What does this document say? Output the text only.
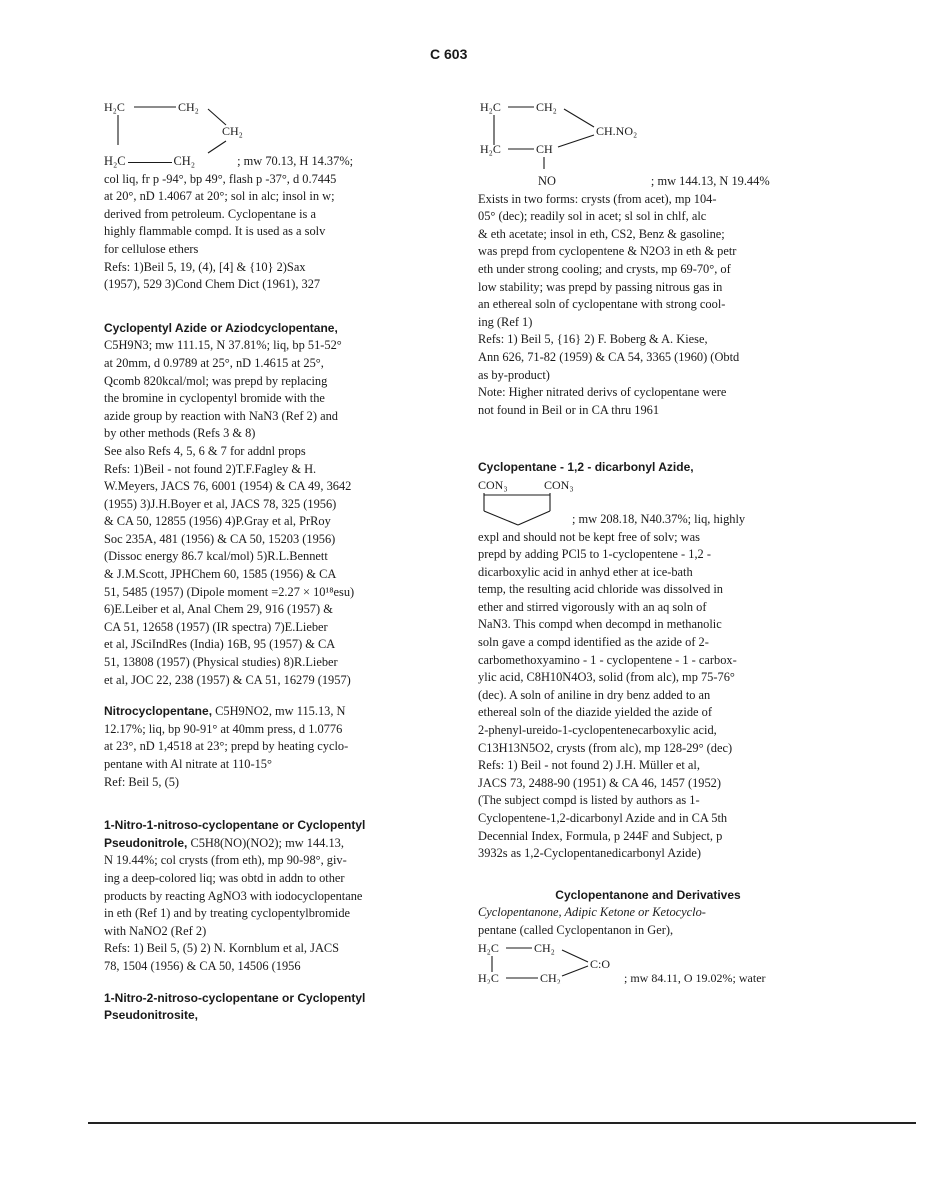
C 603
H₂C	CH₂
CH₂

H₂C	CH₂	; mw 70.13, H 14.37%;

col liq, fr p -94°, bp 49°, flash p -37°, d 0.7445

at 20°, nD 1.4067 at 20°; sol in alc; insol in w;

derived from petroleum. Cyclopentane is a

highly flammable compd. It is used as a solv

for cellulose ethers

Refs: 1)Beil 5, 19, (4), [4] & {10} 2)Sax

(1957), 529 3)Cond Chem Dict (1961), 327

Cyclopentyl Azide or Aziodcyclopentane,

C5H9N3; mw 111.15, N 37.81%; liq, bp 51-52°

at 20mm, d 0.9789 at 25°, nD 1.4615 at 25°,

Qcomb 820kcal/mol; was prepd by replacing

the bromine in cyclopentyl bromide with the

azide group by reaction with NaN3 (Ref 2) and

by other methods (Refs 3 & 8)

See also Refs 4, 5, 6 & 7 for addnl props

Refs: 1)Beil - not found 2)T.F.Fagley & H.

W.Meyers, JACS 76, 6001 (1954) & CA 49, 3642

(1955) 3)J.H.Boyer et al, JACS 78, 325 (1956)

& CA 50, 12855 (1956) 4)P.Gray et al, PrRoy

Soc 235A, 481 (1956) & CA 50, 15203 (1956)

(Dissoc energy 86.7 kcal/mol) 5)R.L.Bennett

& J.M.Scott, JPHChem 60, 1585 (1956) & CA

51, 5485 (1957) (Dipole moment =2.27 × 10¹⁸esu)

6)E.Leiber et al, Anal Chem 29, 916 (1957) &

CA 51, 12658 (1957) (IR spectra) 7)E.Lieber

et al, JSciIndRes (India) 16B, 95 (1957) & CA

51, 13808 (1957) (Physical studies) 8)R.Lieber

et al, JOC 22, 238 (1957) & CA 51, 16279 (1957)

Nitrocyclopentane, C5H9NO2, mw 115.13, N

12.17%; liq, bp 90-91° at 40mm press, d 1.0776

at 23°, nD 1,4518 at 23°; prepd by heating cyclo-

pentane with Al nitrate at 110-15°

Ref: Beil 5, (5)

1-Nitro-1-nitroso-cyclopentane or Cyclopentyl

Pseudonitrole, C5H8(NO)(NO2); mw 144.13,

N 19.44%; col crysts (from eth), mp 90-98°, giv-

ing a deep-colored liq; was obtd in addn to other

products by reacting AgNO3 with iodocyclopentane

in eth (Ref 1) and by treating cyclopentylbromide

with NaNO2 (Ref 2)

Refs: 1) Beil 5, (5) 2) N. Kornblum et al, JACS

78, 1504 (1956) & CA 50, 14506 (1956

1-Nitro-2-nitroso-cyclopentane or Cyclopentyl

Pseudonitrosite,

H₂C	CH₂
CH.NO₂
H₂C	CH

NO	; mw 144.13, N 19.44%

Exists in two forms: crysts (from acet), mp 104-

05° (dec); readily sol in acet; sl sol in chlf, alc

& eth acetate; insol in eth, CS2, Benz & gasoline;

was prepd from cyclopentene & N2O3 in eth & petr

eth under strong cooling; and crysts, mp 69-70°, of

low stability; was prepd by passing nitrous gas in

an ethereal soln of cyclopentane with strong cool-

ing (Ref 1)

Refs: 1) Beil 5, {16} 2) F. Boberg & A. Kiese,

Ann 626, 71-82 (1959) & CA 54, 3365 (1960) (Obtd

as by-product)

Note: Higher nitrated derivs of cyclopentane were

not found in Beil or in CA thru 1961

Cyclopentane - 1,2 - dicarbonyl Azide,

CON₃	CON₃

; mw 208.18, N40.37%; liq, highly

expl and should not be kept free of solv; was

prepd by adding PCl5 to 1-cyclopentene - 1,2 -

dicarboxylic acid in anhyd ether at ice-bath

temp, the resulting acid chloride was dissolved in

ether and stirred vigorously with an aq soln of

NaN3. This compd when decompd in methanolic

soln gave a compd identified as the azide of 2-

carbomethoxyamino - 1 - cyclopentene - 1 - carbox-

ylic acid, C8H10N4O3, solid (from alc), mp 75-76°

(dec). A soln of aniline in dry benz added to an

ethereal soln of the diazide yielded the azide of

2-phenyl-ureido-1-cyclopentenecarboxylic acid,

C13H13N5O2, crysts (from alc), mp 128-29° (dec)

Refs: 1) Beil - not found 2) J.H. Müller et al,

JACS 73, 2488-90 (1951) & CA 46, 1457 (1952)

(The subject compd is listed by authors as 1-

Cyclopentene-1,2-dicarbonyl Azide and in CA 5th

Decennial Index, Formula, p 244F and Subject, p

3932s as 1,2-Cyclopentanedicarbonyl Azide)

Cyclopentanone and Derivatives

Cyclopentanone, Adipic Ketone or Ketocyclo-

pentane (called Cyclopentanon in Ger),

H₂C	CH₂
C:O
H₂C	CH₂	; mw 84.11, O 19.02%; water
